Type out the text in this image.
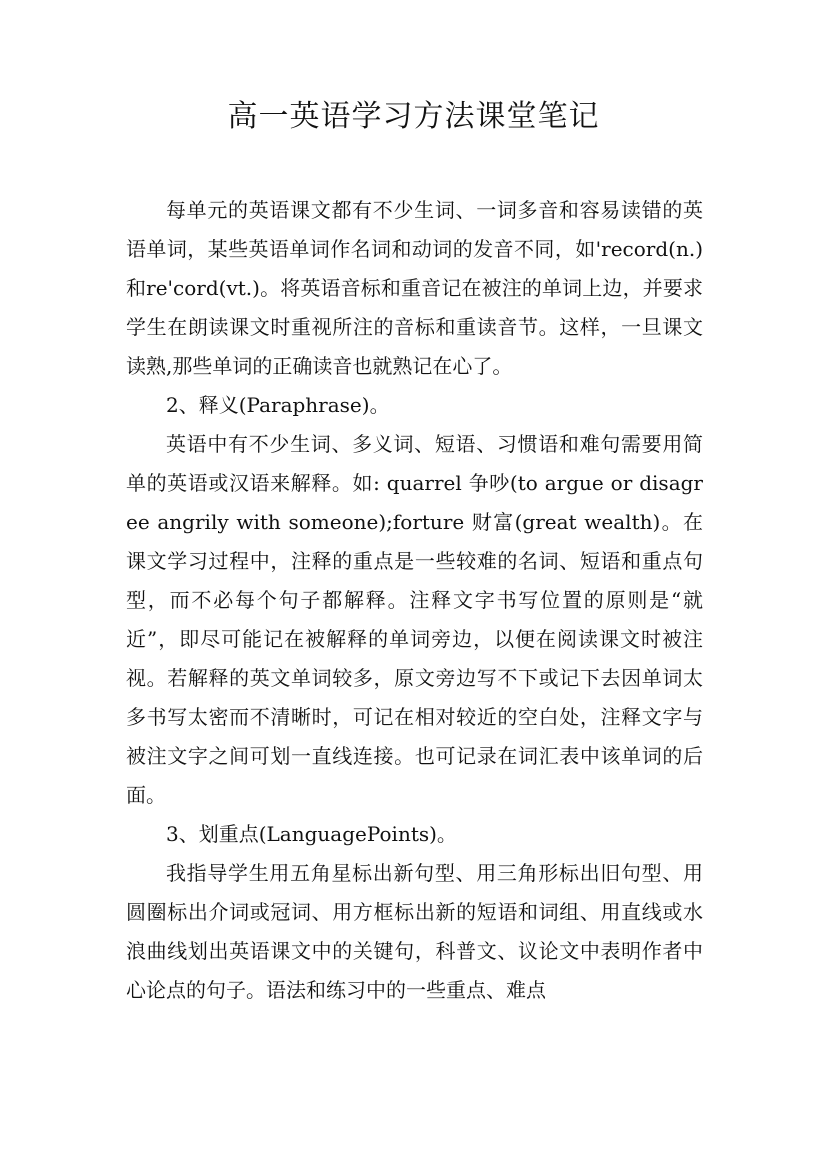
高一英语学习方法课堂笔记

每单元的英语课文都有不少生词、一词多音和容易读错的英语单词，某些英语单词作名词和动词的发音不同，如'record(n.)和re'cord(vt.)。将英语音标和重音记在被注的单词上边，并要求学生在朗读课文时重视所注的音标和重读音节。这样，一旦课文读熟,那些单词的正确读音也就熟记在心了。

2、释义(Paraphrase)。

英语中有不少生词、多义词、短语、习惯语和难句需要用简单的英语或汉语来解释。如: quarrel 争吵(to argue or disagree angrily with someone);forture 财富(great wealth)。在课文学习过程中，注释的重点是一些较难的名词、短语和重点句型，而不必每个句子都解释。注释文字书写位置的原则是“就近”，即尽可能记在被解释的单词旁边，以便在阅读课文时被注视。若解释的英文单词较多，原文旁边写不下或记下去因单词太多书写太密而不清晰时，可记在相对较近的空白处，注释文字与被注文字之间可划一直线连接。也可记录在词汇表中该单词的后面。

3、划重点(LanguagePoints)。

我指导学生用五角星标出新句型、用三角形标出旧句型、用圆圈标出介词或冠词、用方框标出新的短语和词组、用直线或水浪曲线划出英语课文中的关键句，科普文、议论文中表明作者中心论点的句子。语法和练习中的一些重点、难点
